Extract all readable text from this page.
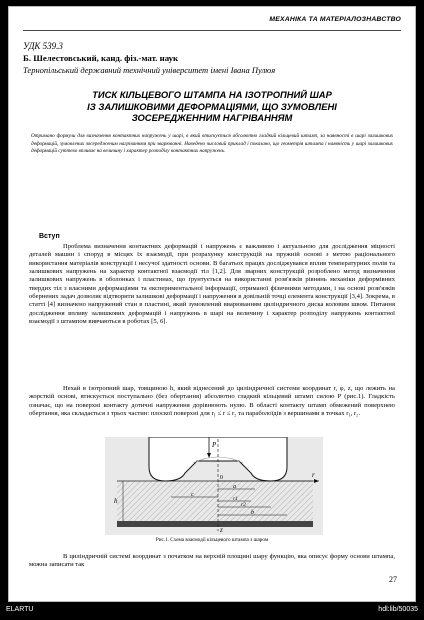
МЕХАНІКА ТА МАТЕРІАЛОЗНАВСТВО
УДК 539.3
Б. Шелестовський, канд. фіз.-мат. наук
Тернопільський державний технічний університет імені Івана Пулюя
ТИСК КІЛЬЦЕВОГО ШТАМПА НА ІЗОТРОПНИЙ ШАР
ІЗ ЗАЛИШКОВИМИ ДЕФОРМАЦІЯМИ, ЩО ЗУМОВЛЕНІ
ЗОСЕРЕДЖЕННИМ НАГРІВАННЯМ
Отримано формули для визначення контактних напружень у шарі, в який втискується абсолютно гладкий кільцевий штамп, за наявності в шарі залишкових деформацій, зумовлених зосередженим нагріванням при зварюванні. Наведено числовий приклад і показано, що геометрія штампа і наявність у шарі залишкових деформацій суттєво впливає на величину і характер розподілу контактних напружень.
Вступ

Проблема визначення контактних деформацій і напружень є важливою і актуальною для дослідження міцності деталей машин і споруд в місцях їх взаємодії, при розрахунку конструкцій на пружній основі з метою раціонального використання матеріалів конструкції і несучої здатності основи. В багатьох працях досліджувався вплив температурних полів та залишкових напружень на характер контактної взаємодії тіл [1,2]. Для зварних конструкцій розроблено метод визначення залишкових напружень в оболонках і пластинах, що ґрунтується на використанні розв'язків рівнянь механіки деформівних твердих тіл з власними деформаціями та експериментальної інформації, отриманої фізичними методами, і на основі розв'язків обернених задач дозволяє відтворити залишкові деформації і напруження в довільній точці елемента конструкції [3,4]. Зокрема, в статті [4] визначено напружений стан в пластині, який зумовлений вварюванням циліндричного диска коловим швом. Питання дослідження впливу залишкових деформацій і напружень в шарі на величину і характер розподілу напружень контактної взаємодії з штампом вивчаються в роботах [5, 6].

Нехай в ізотропний шар, товщиною h, який віднесений до циліндричної системи координат r, φ, z, що лежить на жорсткій основі, втискується поступально (без обертання) абсолютно гладкий кільцевий штамп силою P (рис.1). Гладкість означає, що на поверхні контакту дотичні напруження дорівнюють нулю. В області контакту штамп обмежений поверхнею обертання, яка складається з трьох частин: плоскої поверхні для r₁ ≤ r ≤ r₂ та параболоїдів з вершинами в точках r₁, r₂.

P
r
z
0
a
c
r1
r2
b
h
Рис.1. Схема взаємодії кільцевого штампа з шаром

В циліндричній системі координат з початком на верхній площині шару функцію, яка описує форму основи штампа, можна записати так

27
ELARTU	hdl:lib/50035
